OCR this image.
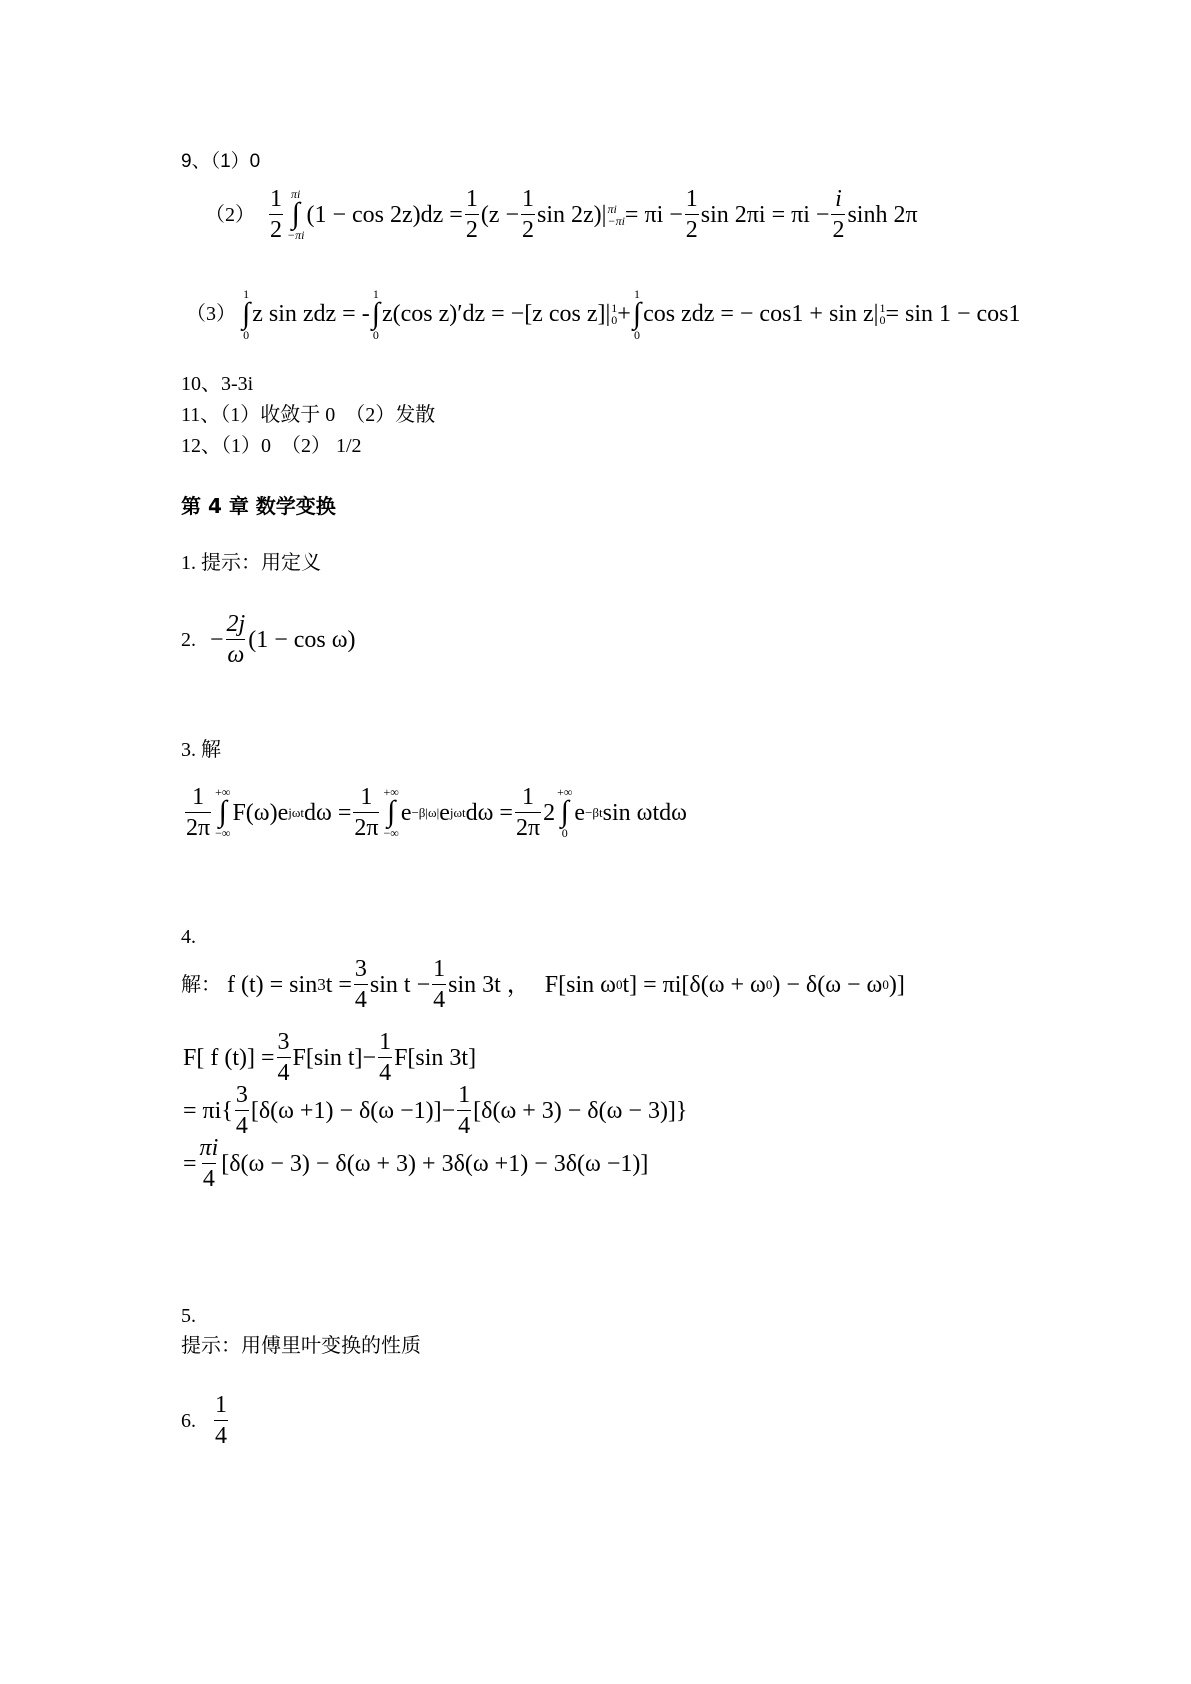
9、（1）0
$(2) \frac{1}{2}$ πi
∫
−πi
$(1 - \cos 2z)dz = \frac{1}{2} (z - \frac{1}{2}$ sin 2z) | πi
$-\pi i = \pi i - \frac{1}{2}$ $\sin 2\pi i = \pi i - \frac{i}{2}$ sinh 2π
（3）
1
∫
0
z sin zdz = -
1
∫
0
z(cos z)′dz = −[z cos z] | 1
0 +
1
∫
0
cos zdz = − cos1 + sin z | 1
0 = sin 1 − cos1
10、3-3i
11、（1）收敛于 0　（2）发散
12、（1）0　（2） 1/2
第 4 章 数学变换
1. 提示：用定义
2. − $\frac{2j}{\omega} (1 - \cos \omega)$
3. 解
$\frac{1}{2\pi}$ +∞
∫
−∞
F(ω)e jωt $d\omega = \frac{1}{2\pi}$ +∞
∫
−∞
e −β|ω| e jωt $d\omega = \frac{1}{2\pi} 2$
+∞
∫
0
e −βt sin ωtdω
4.
解： f (t) = sin 3 $t = \frac{3}{4}$ $\sin t - \frac{1}{4}$ sin 3t ， F[sin ω 0 t] = πi[δ(ω + ω 0 ) − δ(ω − ω 0 )]
F[ f $(t)] = \frac{3}{4} F[\sin$ $t]- \frac{1}{4} F[\sin$ 3t]
= $\pi i\{ \frac{3}{4} [\delta(\omega +1) - \delta(\omega -1)]- \frac{1}{4} [\delta(\omega + 3) - \delta(\omega - 3)]\}$
= $\frac{\pi i}{4} [\delta(\omega - 3) - \delta(\omega + 3) + 3\delta(\omega +1) - 3\delta(\omega -1)]$
5.
提示：用傅里叶变换的性质
6. $\frac{1}{4}$
